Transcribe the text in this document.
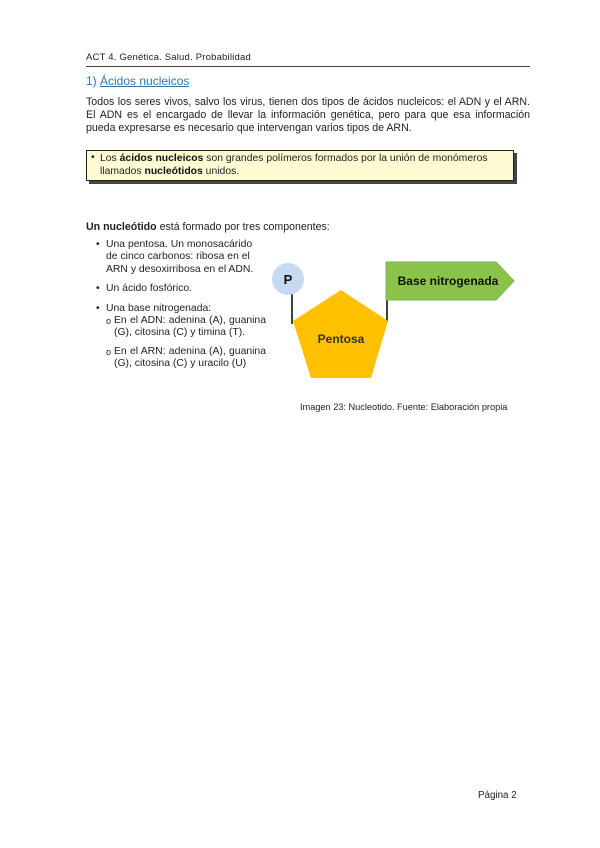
ACT 4. Genética. Salud. Probabilidad
1) Ácidos nucleicos
Todos los seres vivos, salvo los virus, tienen dos tipos de ácidos nucleicos: el ADN y el ARN. El ADN es el encargado de llevar la información genética, pero para que esa información pueda expresarse es necesario que intervengan varios tipos de ARN.
• Los ácidos nucleicos son grandes polímeros formados por la unión de monómeros llamados nucleótidos unidos.
Un nucleótido está formado por tres componentes:
• Una pentosa. Un monosacárido de cinco carbonos: ribosa en el ARN y desoxirribosa en el ADN.
• Un ácido fosfórico.
• Una base nitrogenada:
o En el ADN: adenina (A), guanina (G), citosina (C) y timina (T).
o En el ARN: adenina (A), guanina (G), citosina (C) y uracilo (U)
P
Pentosa
Base nitrogenada
Imagen 23: Nucleotido. Fuente: Elaboración propia
Página 2
